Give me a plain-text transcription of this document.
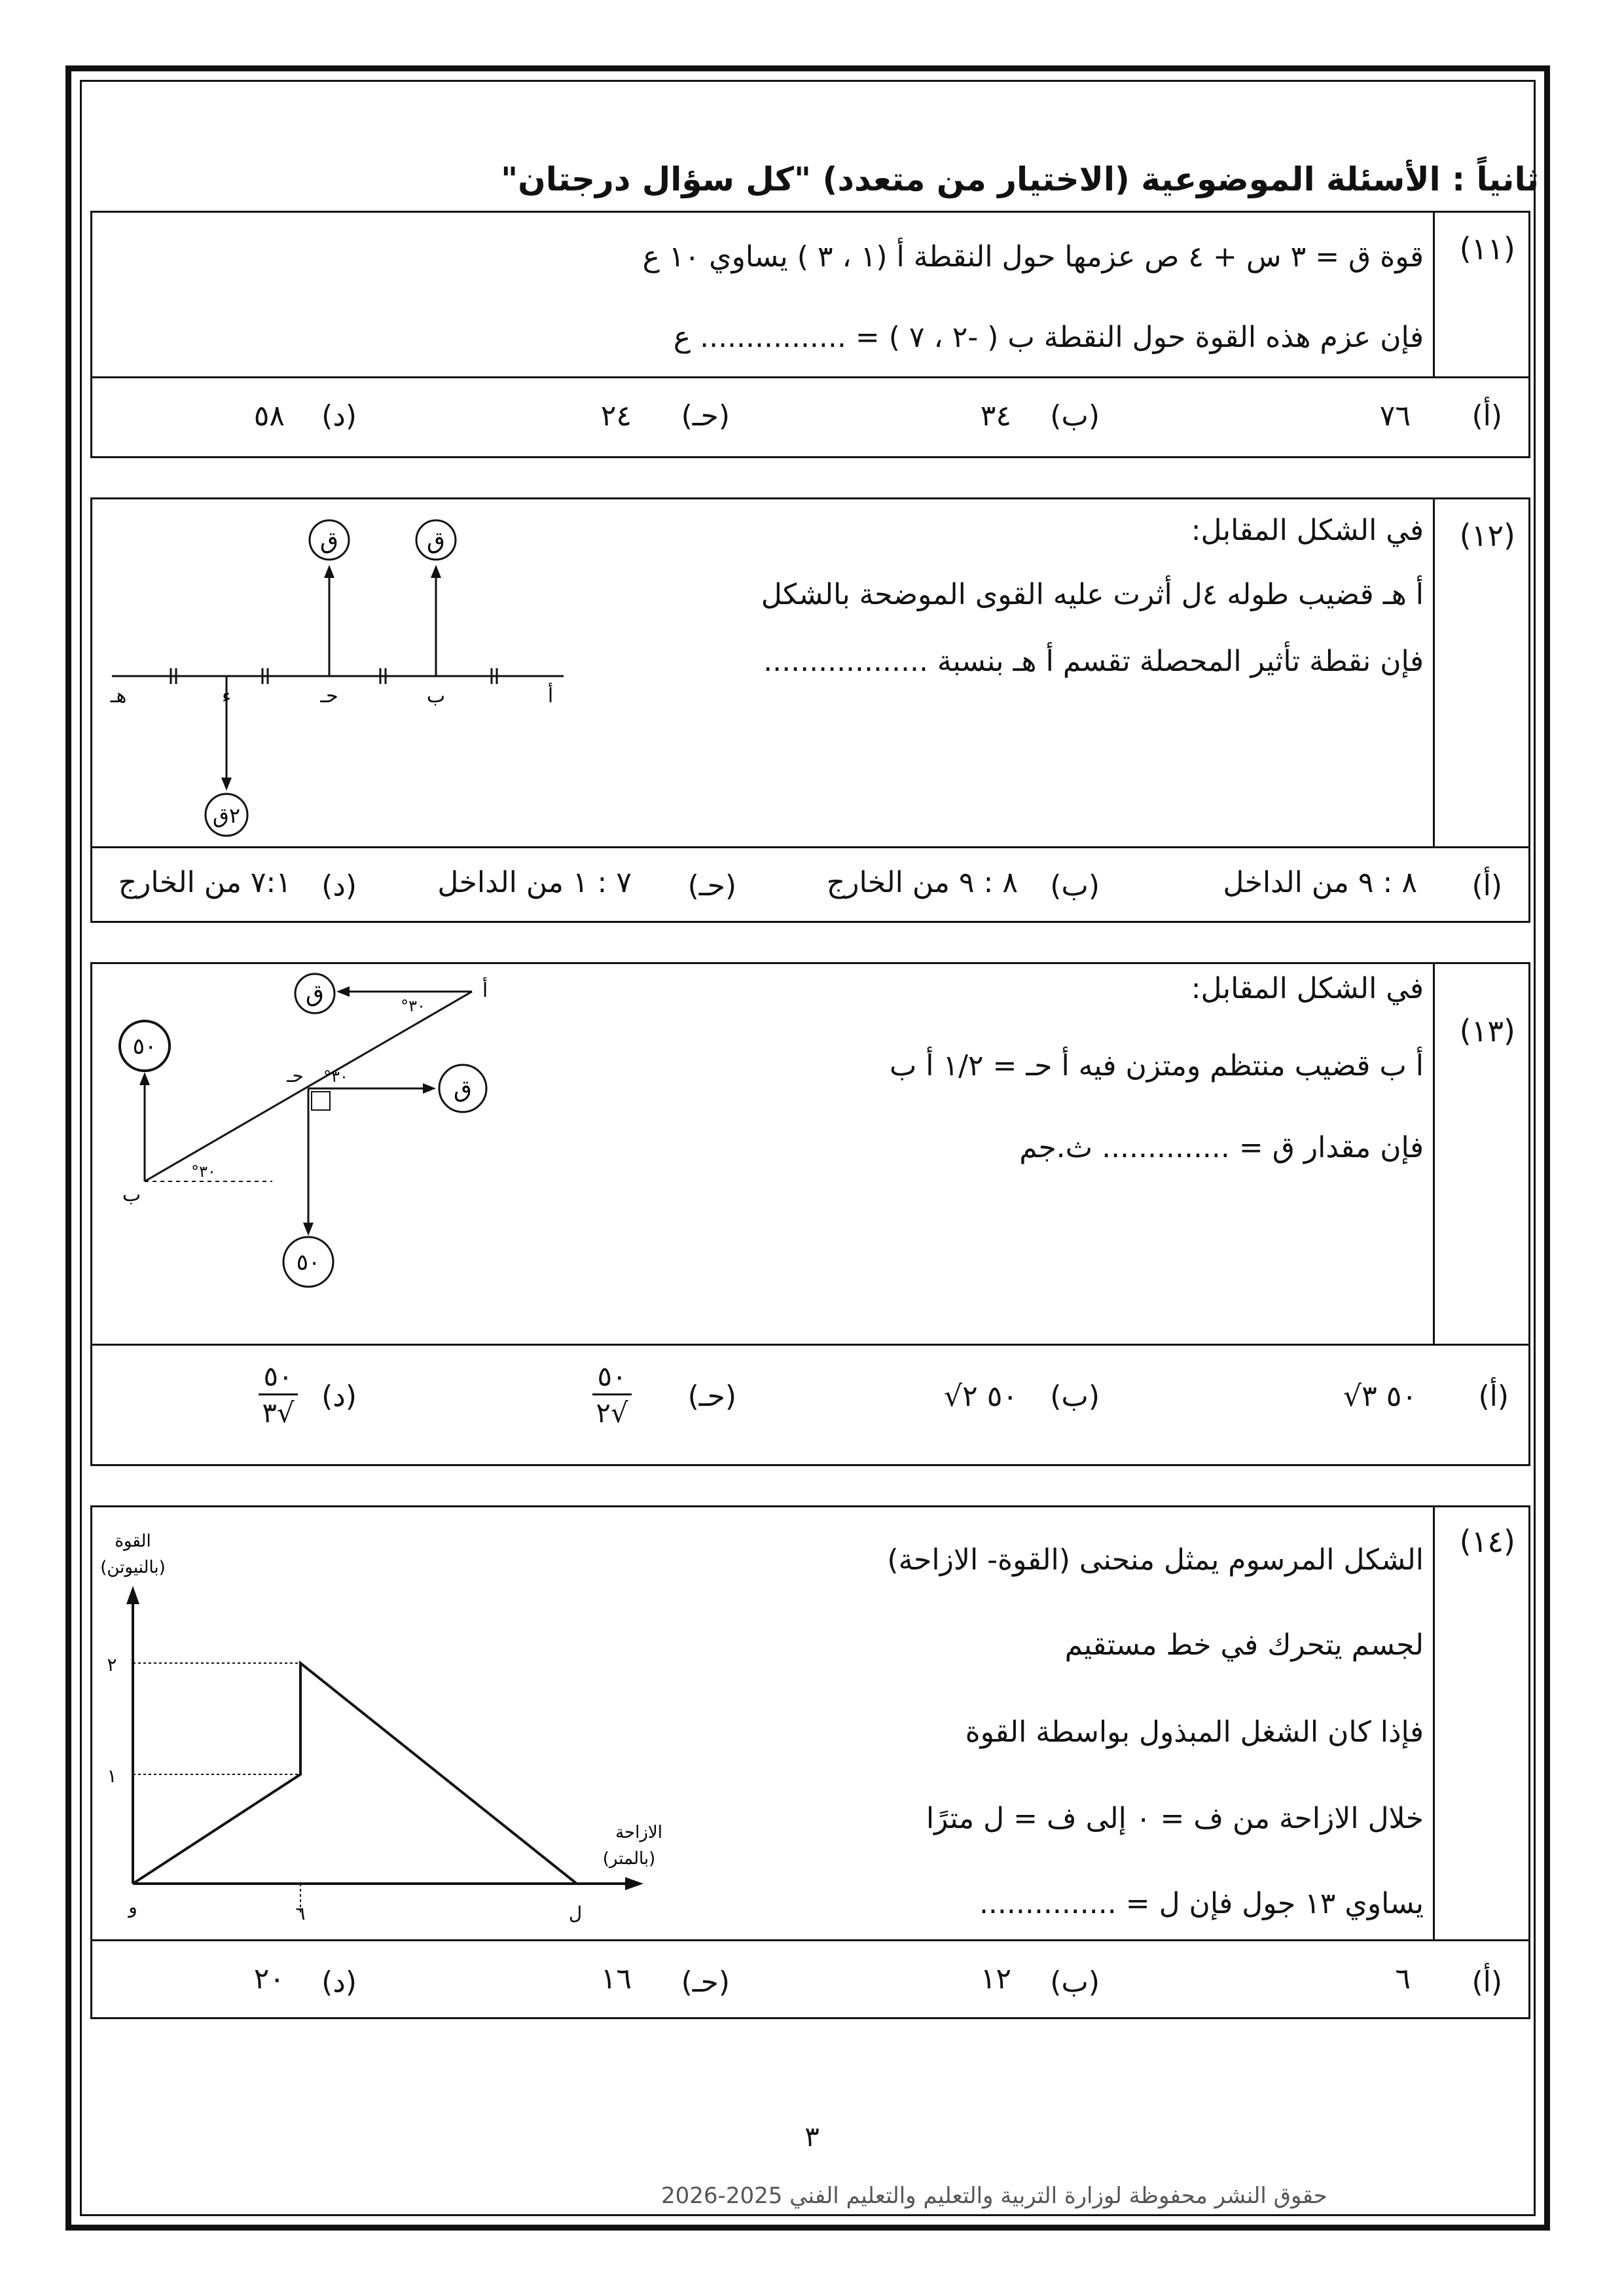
ثانياً : الأسئلة الموضوعية (الاختيار من متعدد) "كل سؤال درجتان"
(١١)
قوة ق = ٣ س + ٤ ص عزمها حول النقطة أ (١ ، ٣ ) يساوي ١٠ ع
فإن عزم هذه القوة حول النقطة ب ( -٢ ، ٧ ) = ................ ع
(أ)
٧٦
(ب)
٣٤
(حـ)
٢٤
(د)
٥٨
(١٢)
في الشكل المقابل:
أ هـ قضيب طوله ٤ل أثرت عليه القوى الموضحة بالشكل
فإن نقطة تأثير المحصلة تقسم أ هـ بنسبة ..................
ق	ق
٢ق
أ
ب
حـ
ء
هـ
(أ)
٨ : ٩ من الداخل
(ب)
٨ : ٩ من الخارج
(حـ)
٧ : ١ من الداخل
(د)
٧:١ من الخارج
(١٣)
في الشكل المقابل:
أ ب قضيب منتظم ومتزن فيه أ حـ = ١/٢ أ ب
فإن مقدار ق = .............. ث.جم
ق
ق
٥٠
٥٠
أ
ب
حـ
°٣٠
°٣٠
°٣٠
(أ)
٥٠ ٣√
(ب)
٥٠ ٢√
(حـ)
٥٠
٢√
(د)
٥٠
٣√
(١٤)
الشكل المرسوم يمثل منحنى (القوة- الازاحة)
لجسم يتحرك في خط مستقيم
فإذا كان الشغل المبذول بواسطة القوة
خلال الازاحة من ف = ٠ إلى ف = ل مترًا
يساوي ١٣ جول فإن ل = ...............
القوة
(بالنيوتن)
الازاحة
(بالمتر)
١
٢
٦	ل
و
(أ)
٦
(ب)
١٢
(حـ)
١٦
(د)
٢٠
٣
حقوق النشر محفوظة لوزارة التربية والتعليم والتعليم الفني 2025-2026
